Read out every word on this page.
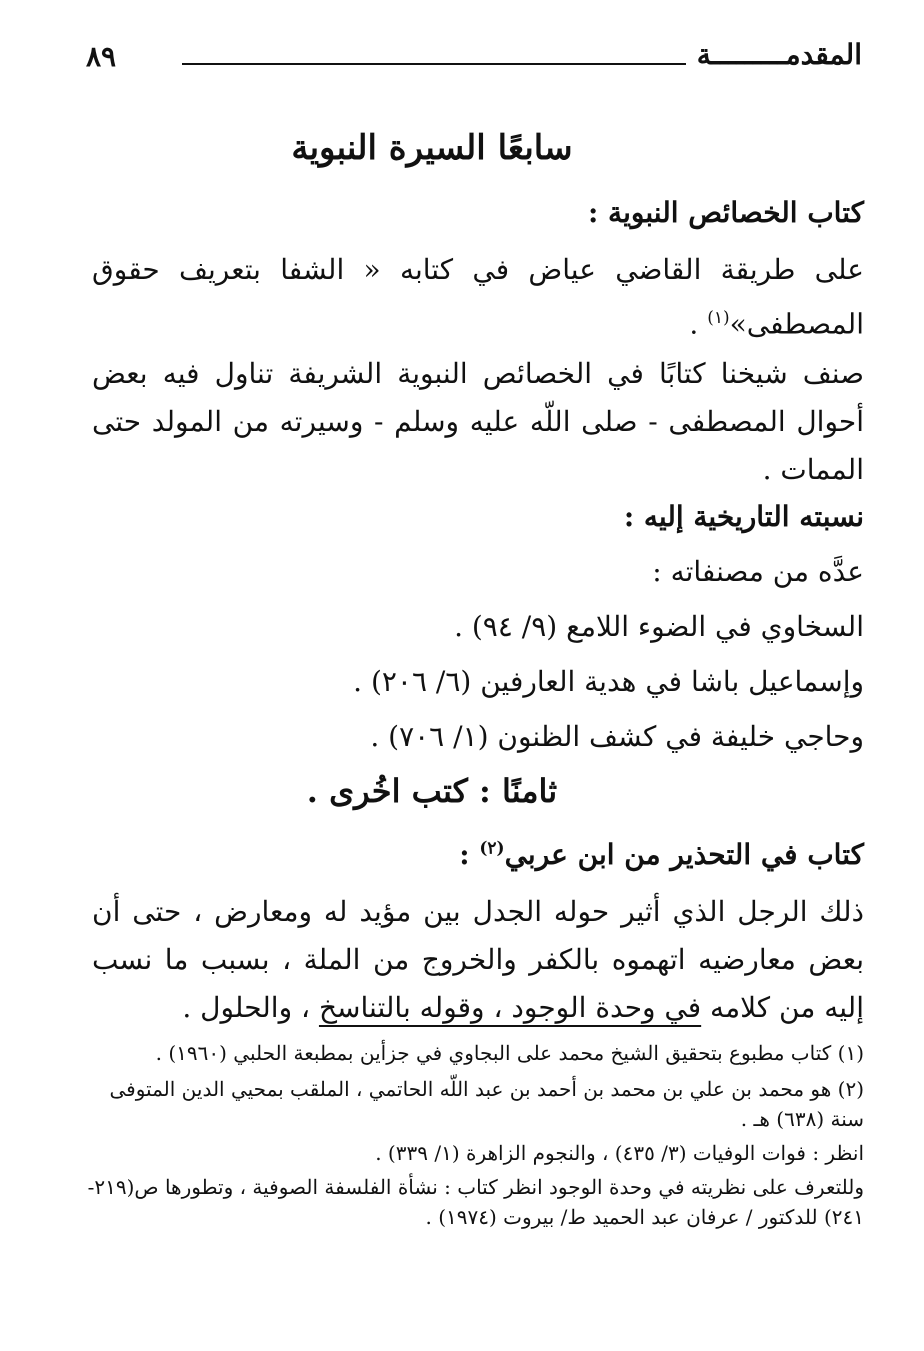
٨٩	المقدمـــــــــة
سابعًا السيرة النبوية
كتاب الخصائص النبوية :
على طريقة القاضي عياض في كتابه « الشفا بتعريف حقوق المصطفى»$^{(١)}$ .
صنف شيخنا كتابًا في الخصائص النبوية الشريفة تناول فيه بعض أحوال المصطفى - صلى اللّه عليه وسلم - وسيرته من المولد حتى الممات .
نسبته التاريخية إليه :
عدَّه من مصنفاته :
السخاوي في الضوء اللامع (٩/ ٩٤) .
وإسماعيل باشا في هدية العارفين (٦/ ٢٠٦) .
وحاجي خليفة في كشف الظنون (١/ ٧٠٦) .
ثامنًا : كتب اخُرى .
كتاب في التحذير من ابن عربي$^{(٢)}$ :
ذلك الرجل الذي أثير حوله الجدل بين مؤيد له ومعارض ، حتى أن بعض معارضيه اتهموه بالكفر والخروج من الملة ، بسبب ما نسب إليه من كلامه في وحدة الوجود ، وقوله بالتناسخ ، والحلول .
(١) كتاب مطبوع بتحقيق الشيخ محمد على البجاوي في جزأين بمطبعة الحلبي (١٩٦٠) .
(٢) هو محمد بن علي بن محمد بن أحمد بن عبد اللّه الحاتمي ، الملقب بمحيي الدين المتوفى سنة (٦٣٨) هـ .
انظر : فوات الوفيات (٣/ ٤٣٥) ، والنجوم الزاهرة (١/ ٣٣٩) .
وللتعرف على نظريته في وحدة الوجود انظر كتاب : نشأة الفلسفة الصوفية ، وتطورها ص(٢١٩- ٢٤١) للدكتور / عرفان عبد الحميد ط/ بيروت (١٩٧٤) .
